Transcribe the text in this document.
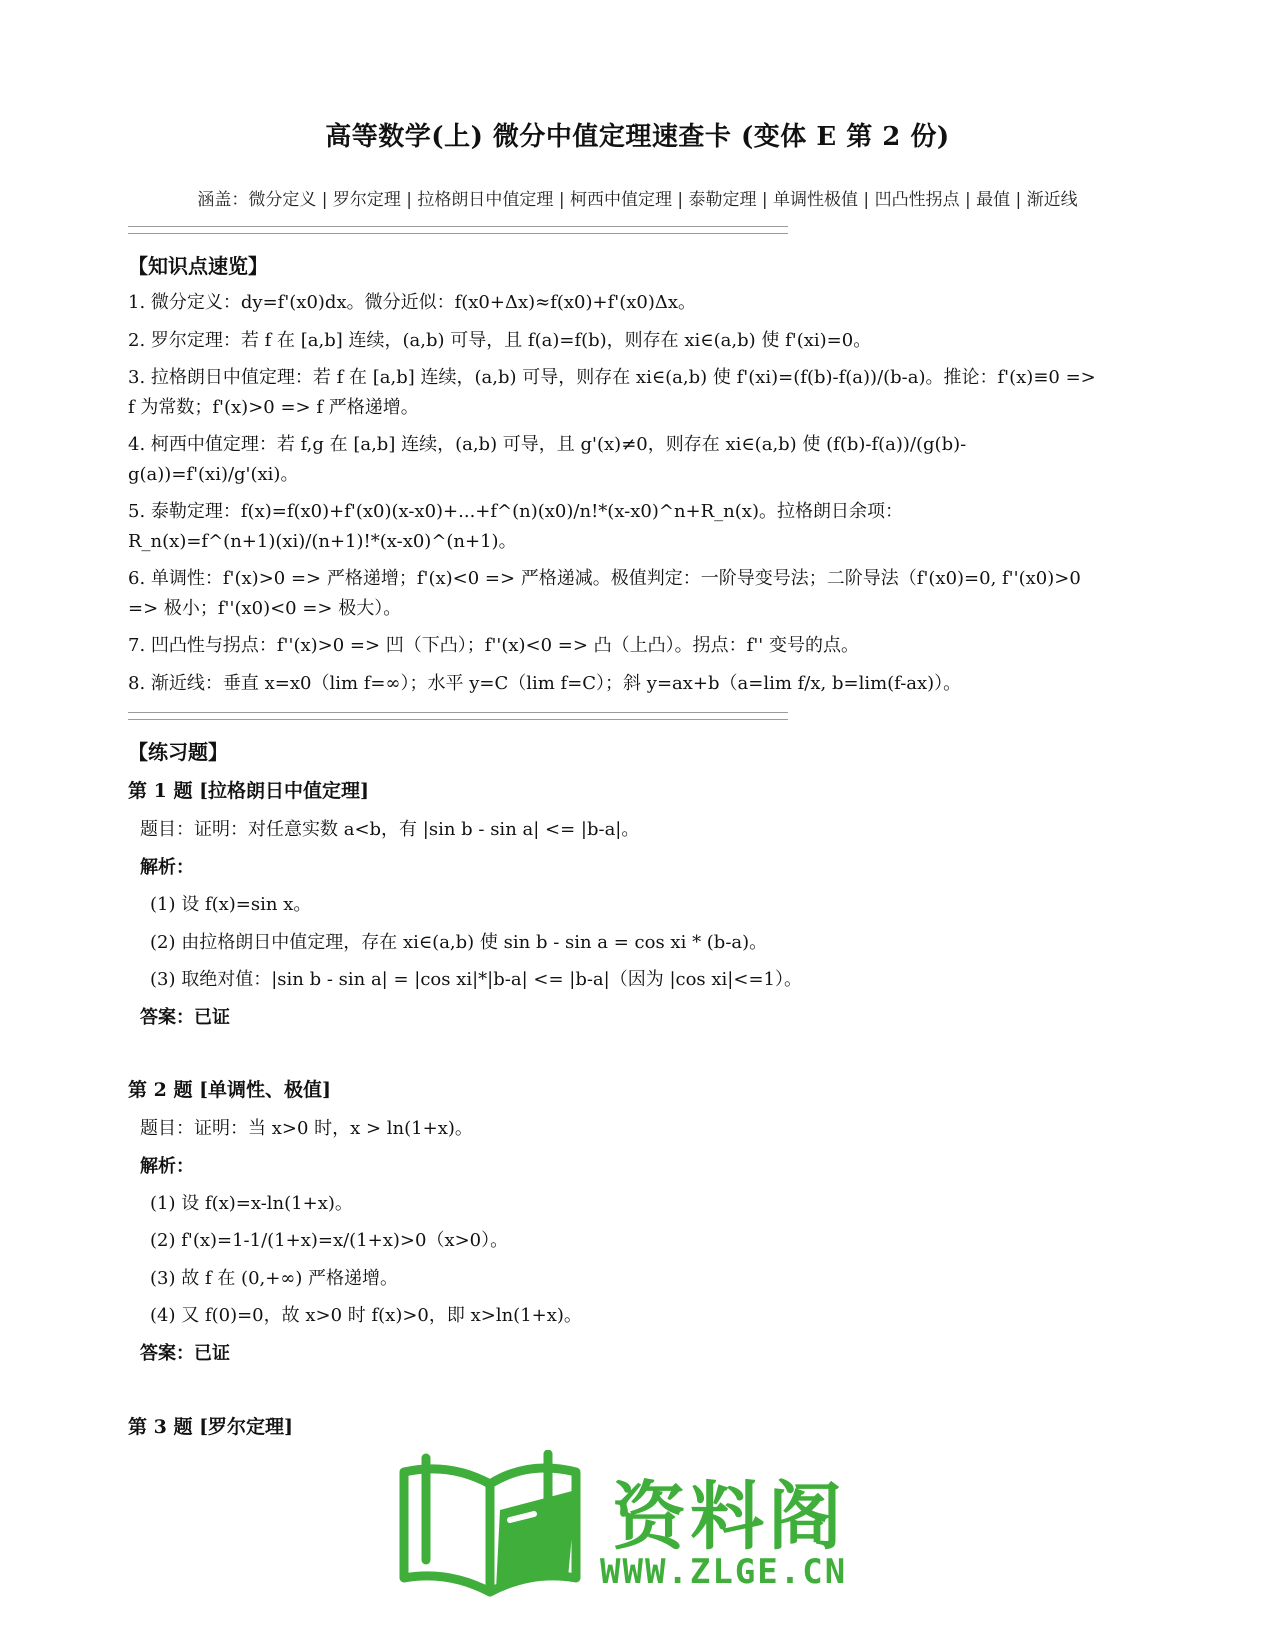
高等数学(上) 微分中值定理速查卡 (变体 E 第 2 份)
涵盖：微分定义 | 罗尔定理 | 拉格朗日中值定理 | 柯西中值定理 | 泰勒定理 | 单调性极值 | 凹凸性拐点 | 最值 | 渐近线
【知识点速览】
1. 微分定义：dy=f'(x0)dx。微分近似：f(x0+Δx)≈f(x0)+f'(x0)Δx。
2. 罗尔定理：若 f 在 [a,b] 连续，(a,b) 可导，且 f(a)=f(b)，则存在 xi∈(a,b) 使 f'(xi)=0。
3. 拉格朗日中值定理：若 f 在 [a,b] 连续，(a,b) 可导，则存在 xi∈(a,b) 使 f'(xi)=(f(b)-f(a))/(b-a)。推论：f'(x)≡0 =>
f 为常数；f'(x)>0 => f 严格递增。
4. 柯西中值定理：若 f,g 在 [a,b] 连续，(a,b) 可导，且 g'(x)≠0，则存在 xi∈(a,b) 使 (f(b)-f(a))/(g(b)-
g(a))=f'(xi)/g'(xi)。
5. 泰勒定理：f(x)=f(x0)+f'(x0)(x-x0)+...+f^(n)(x0)/n!*(x-x0)^n+R_n(x)。拉格朗日余项：
R_n(x)=f^(n+1)(xi)/(n+1)!*(x-x0)^(n+1)。
6. 单调性：f'(x)>0 => 严格递增；f'(x)<0 => 严格递减。极值判定：一阶导变号法；二阶导法（f'(x0)=0, f''(x0)>0
=> 极小；f''(x0)<0 => 极大）。
7. 凹凸性与拐点：f''(x)>0 => 凹（下凸）；f''(x)<0 => 凸（上凸）。拐点：f'' 变号的点。
8. 渐近线：垂直 x=x0（lim f=∞）；水平 y=C（lim f=C）；斜 y=ax+b（a=lim f/x, b=lim(f-ax)）。
【练习题】
第 1 题 [拉格朗日中值定理]
题目：证明：对任意实数 a<b，有 |sin b - sin a| <= |b-a|。
解析：
(1) 设 f(x)=sin x。
(2) 由拉格朗日中值定理，存在 xi∈(a,b) 使 sin b - sin a = cos xi * (b-a)。
(3) 取绝对值：|sin b - sin a| = |cos xi|*|b-a| <= |b-a|（因为 |cos xi|<=1）。
答案：已证
第 2 题 [单调性、极值]
题目：证明：当 x>0 时，x > ln(1+x)。
解析：
(1) 设 f(x)=x-ln(1+x)。
(2) f'(x)=1-1/(1+x)=x/(1+x)>0（x>0）。
(3) 故 f 在 (0,+∞) 严格递增。
(4) 又 f(0)=0，故 x>0 时 f(x)>0，即 x>ln(1+x)。
答案：已证
第 3 题 [罗尔定理]
资料阁
WWW.ZLGE.CN
